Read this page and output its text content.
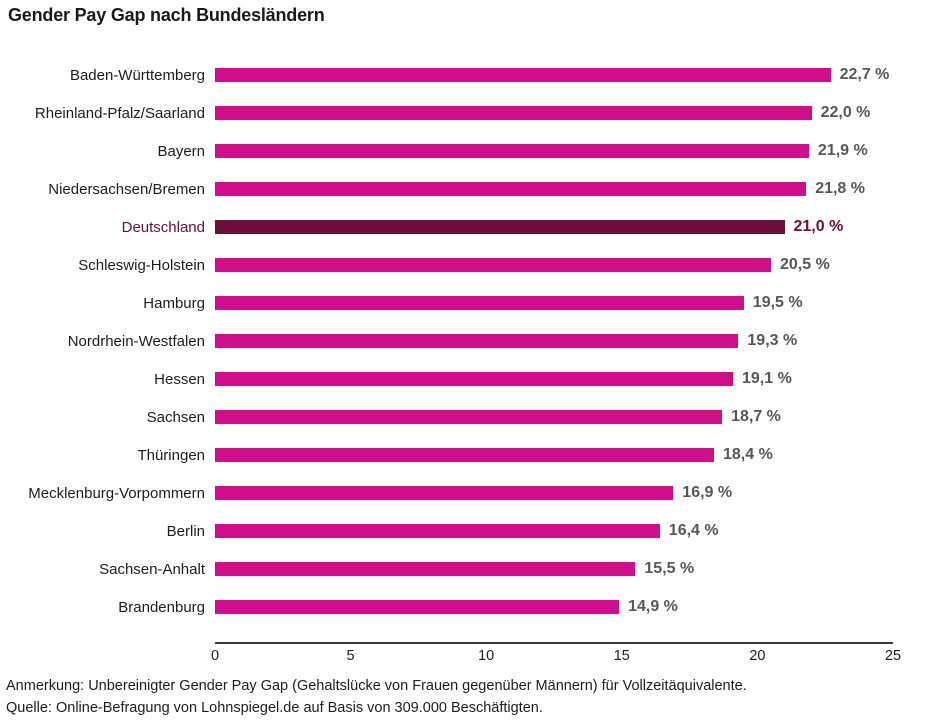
Gender Pay Gap nach Bundesländern
Baden-Württemberg	22,7 %
Rheinland-Pfalz/Saarland	22,0 %
Bayern	21,9 %
Niedersachsen/Bremen	21,8 %
Deutschland	21,0 %
Schleswig-Holstein	20,5 %
Hamburg	19,5 %
Nordrhein-Westfalen	19,3 %
Hessen	19,1 %
Sachsen	18,7 %
Thüringen	18,4 %
Mecklenburg-Vorpommern	16,9 %
Berlin	16,4 %
Sachsen-Anhalt	15,5 %
Brandenburg	14,9 %
0	5	10	15	20	25
Anmerkung: Unbereinigter Gender Pay Gap (Gehaltslücke von Frauen gegenüber Männern) für Vollzeitäquivalente.
Quelle: Online-Befragung von Lohnspiegel.de auf Basis von 309.000 Beschäftigten.
